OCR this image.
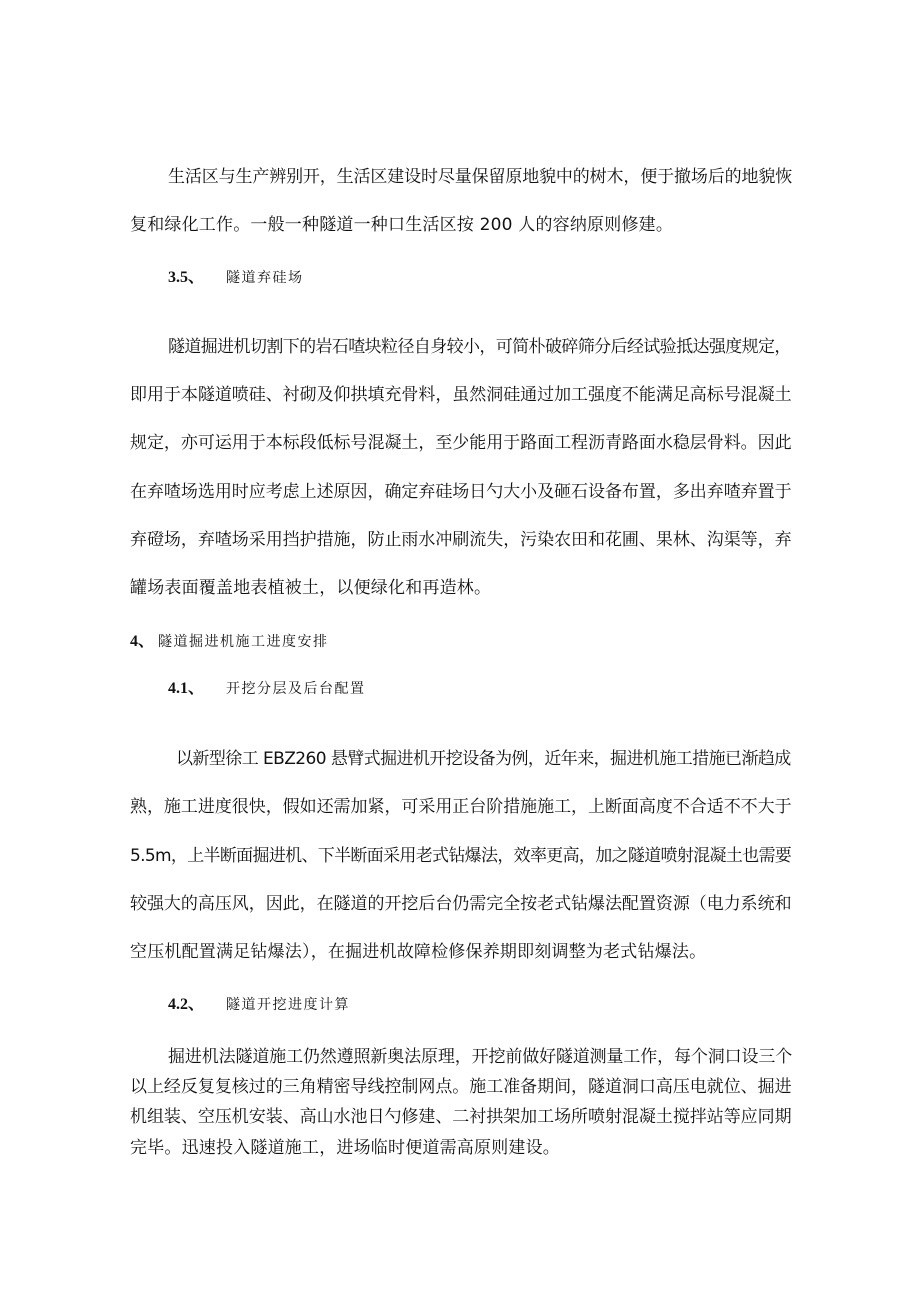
生活区与生产辨别开，生活区建设时尽量保留原地貌中的树木，便于撤场后的地貌恢
复和绿化工作。一般一种隧道一种口生活区按 200 人的容纳原则修建。
3.5、 隧道弃硅场
隧道掘进机切割下的岩石喳块粒径自身较小，可简朴破碎筛分后经试验抵达强度规定，
即用于本隧道喷硅、衬砌及仰拱填充骨料，虽然洞硅通过加工强度不能满足高标号混凝土
规定，亦可运用于本标段低标号混凝土，至少能用于路面工程沥青路面水稳层骨料。因此
在弃喳场选用时应考虑上述原因，确定弃硅场日勺大小及砸石设备布置，多出弃喳弃置于
弃磴场，弃喳场采用挡护措施，防止雨水冲刷流失，污染农田和花圃、果林、沟渠等，弃
罐场表面覆盖地表植被土，以便绿化和再造林。
4、 隧道掘进机施工进度安排
4.1、 开挖分层及后台配置
以新型徐工 EBZ260 悬臂式掘进机开挖设备为例，近年来，掘进机施工措施已渐趋成
熟，施工进度很快，假如还需加紧，可采用正台阶措施施工，上断面高度不合适不不大于
5.5m，上半断面掘进机、下半断面采用老式钻爆法，效率更高，加之隧道喷射混凝土也需要
较强大的高压风，因此，在隧道的开挖后台仍需完全按老式钻爆法配置资源（电力系统和
空压机配置满足钻爆法），在掘进机故障检修保养期即刻调整为老式钻爆法。
4.2、 隧道开挖进度计算
掘进机法隧道施工仍然遵照新奥法原理，开挖前做好隧道测量工作，每个洞口设三个
以上经反复复核过的三角精密导线控制网点。施工准备期间，隧道洞口高压电就位、掘进
机组装、空压机安装、高山水池日勺修建、二衬拱架加工场所喷射混凝土搅拌站等应同期
完毕。迅速投入隧道施工，进场临时便道需高原则建设。
